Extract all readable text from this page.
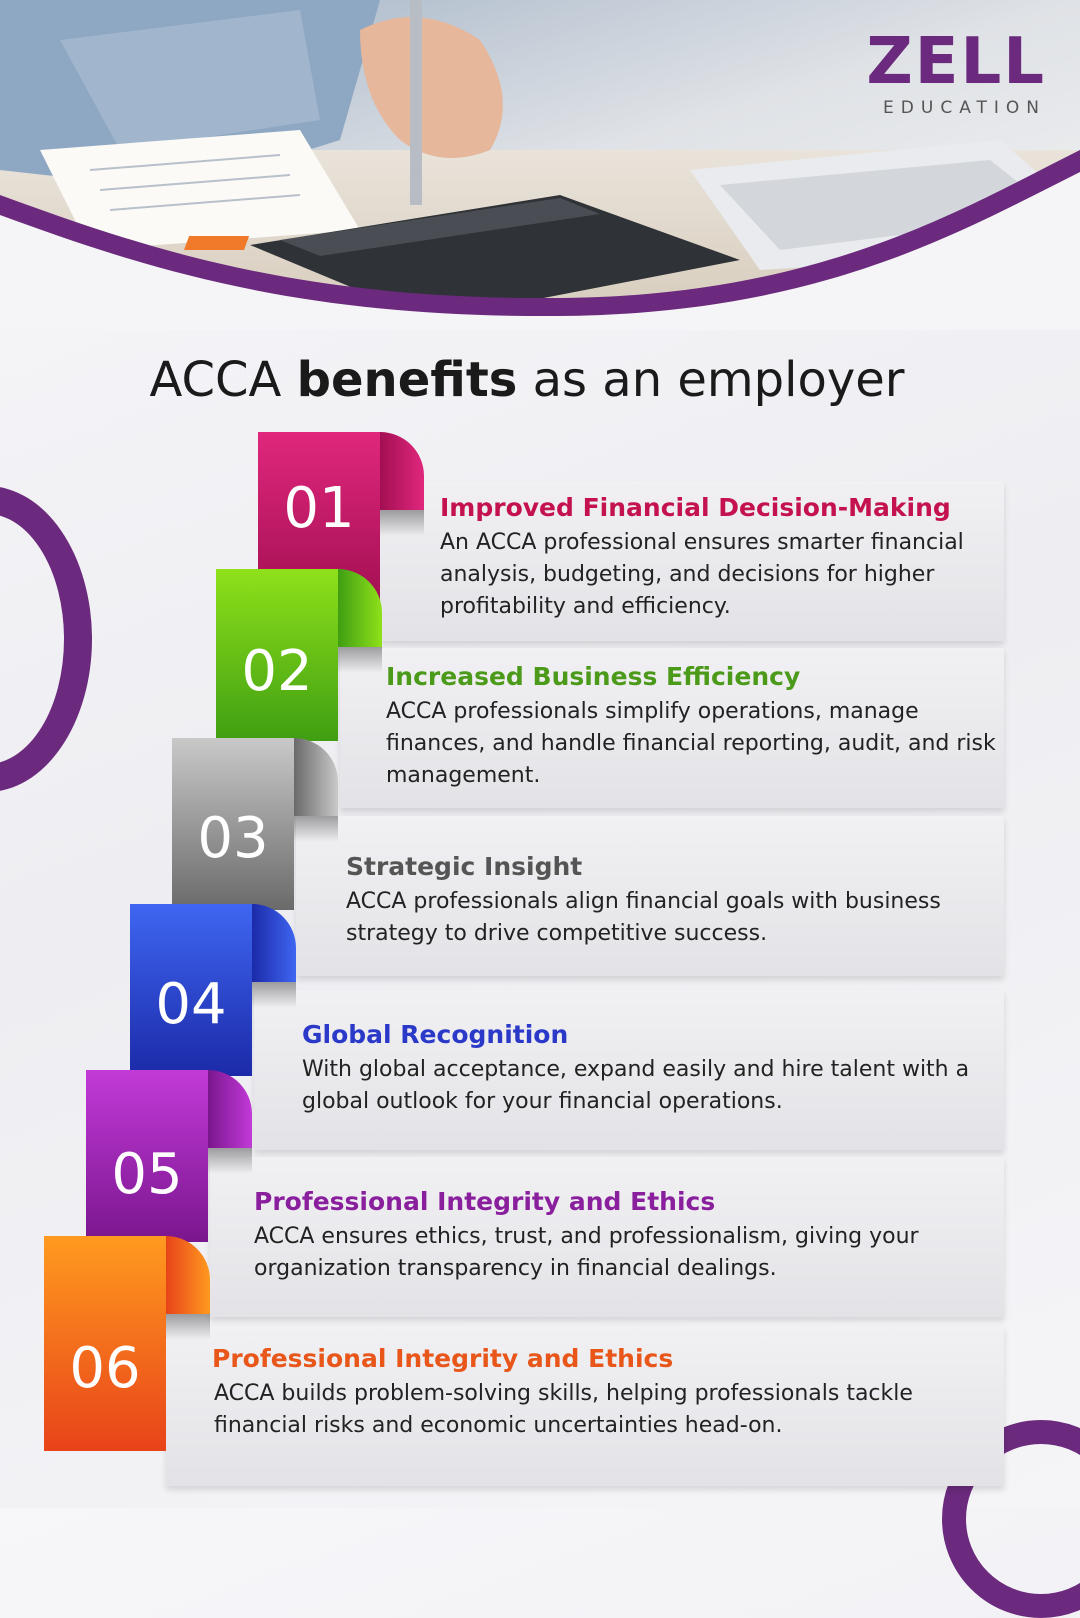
ZELL
EDUCATION
ACCA benefits as an employer
Improved Financial Decision-Making
An ACCA professional ensures smarter financial analysis, budgeting, and decisions for higher profitability and efficiency.
Increased Business Efficiency
ACCA professionals simplify operations, manage finances, and handle financial reporting, audit, and risk management.
Strategic Insight
ACCA professionals align financial goals with business strategy to drive competitive success.
Global Recognition
With global acceptance, expand easily and hire talent with a global outlook for your financial operations.
Professional Integrity and Ethics
ACCA ensures ethics, trust, and professionalism, giving your organization transparency in financial dealings.
Professional Integrity and Ethics
ACCA builds problem-solving skills, helping professionals tackle financial risks and economic uncertainties head-on.
01
02
03
04
05
06
